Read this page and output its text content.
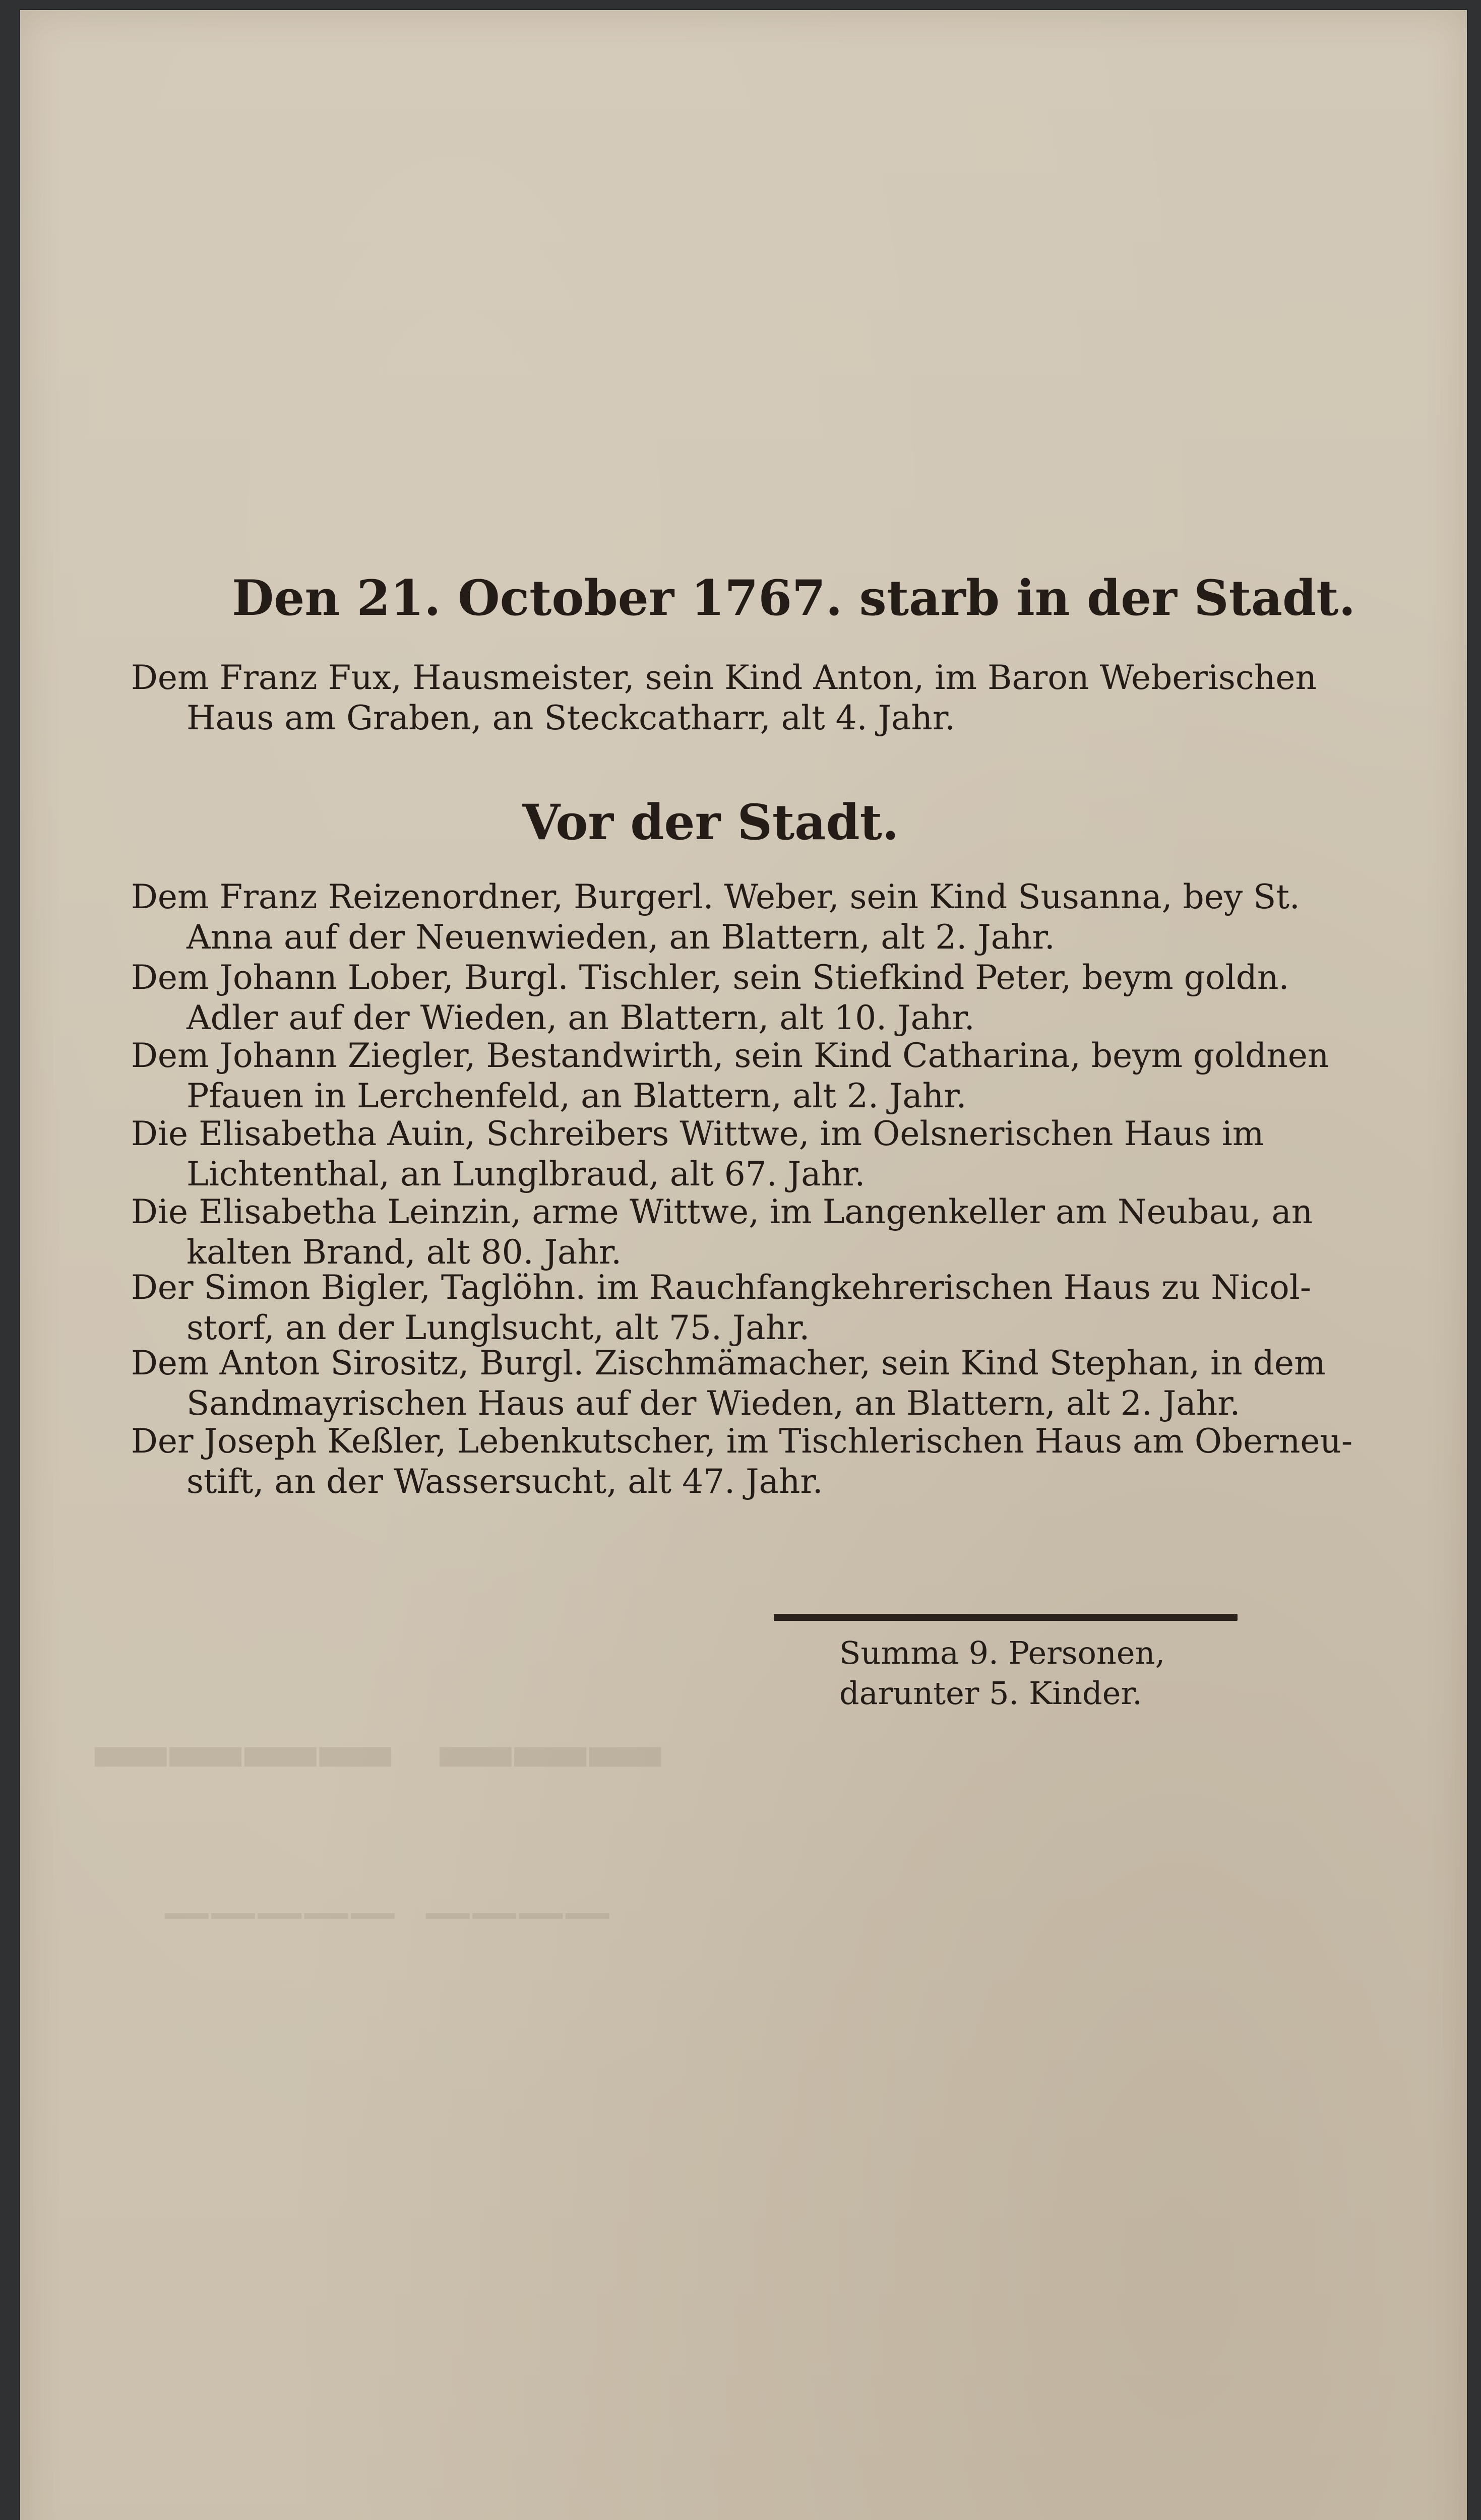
━━━ ━━━━
──── ─────
Den 21. October 1767. starb in der Stadt.
Dem Franz Fux, Hausmeister, sein Kind Anton, im Baron Weberischen
Haus am Graben, an Steckcatharr, alt 4. Jahr.
Vor der Stadt.
Dem Franz Reizenordner, Burgerl. Weber, sein Kind Susanna, bey St.
Anna auf der Neuenwieden, an Blattern, alt 2. Jahr.
Dem Johann Lober, Burgl. Tischler, sein Stiefkind Peter, beym goldn.
Adler auf der Wieden, an Blattern, alt 10. Jahr.
Dem Johann Ziegler, Bestandwirth, sein Kind Catharina, beym goldnen
Pfauen in Lerchenfeld, an Blattern, alt 2. Jahr.
Die Elisabetha Auin, Schreibers Wittwe, im Oelsnerischen Haus im
Lichtenthal, an Lunglbraud, alt 67. Jahr.
Die Elisabetha Leinzin, arme Wittwe, im Langenkeller am Neubau, an
kalten Brand, alt 80. Jahr.
Der Simon Bigler, Taglöhn. im Rauchfangkehrerischen Haus zu Nicol-
storf, an der Lunglsucht, alt 75. Jahr.
Dem Anton Sirositz, Burgl. Zischmämacher, sein Kind Stephan, in dem
Sandmayrischen Haus auf der Wieden, an Blattern, alt 2. Jahr.
Der Joseph Keßler, Lebenkutscher, im Tischlerischen Haus am Oberneu-
stift, an der Wassersucht, alt 47. Jahr.
Summa 9. Personen,
darunter 5. Kinder.
